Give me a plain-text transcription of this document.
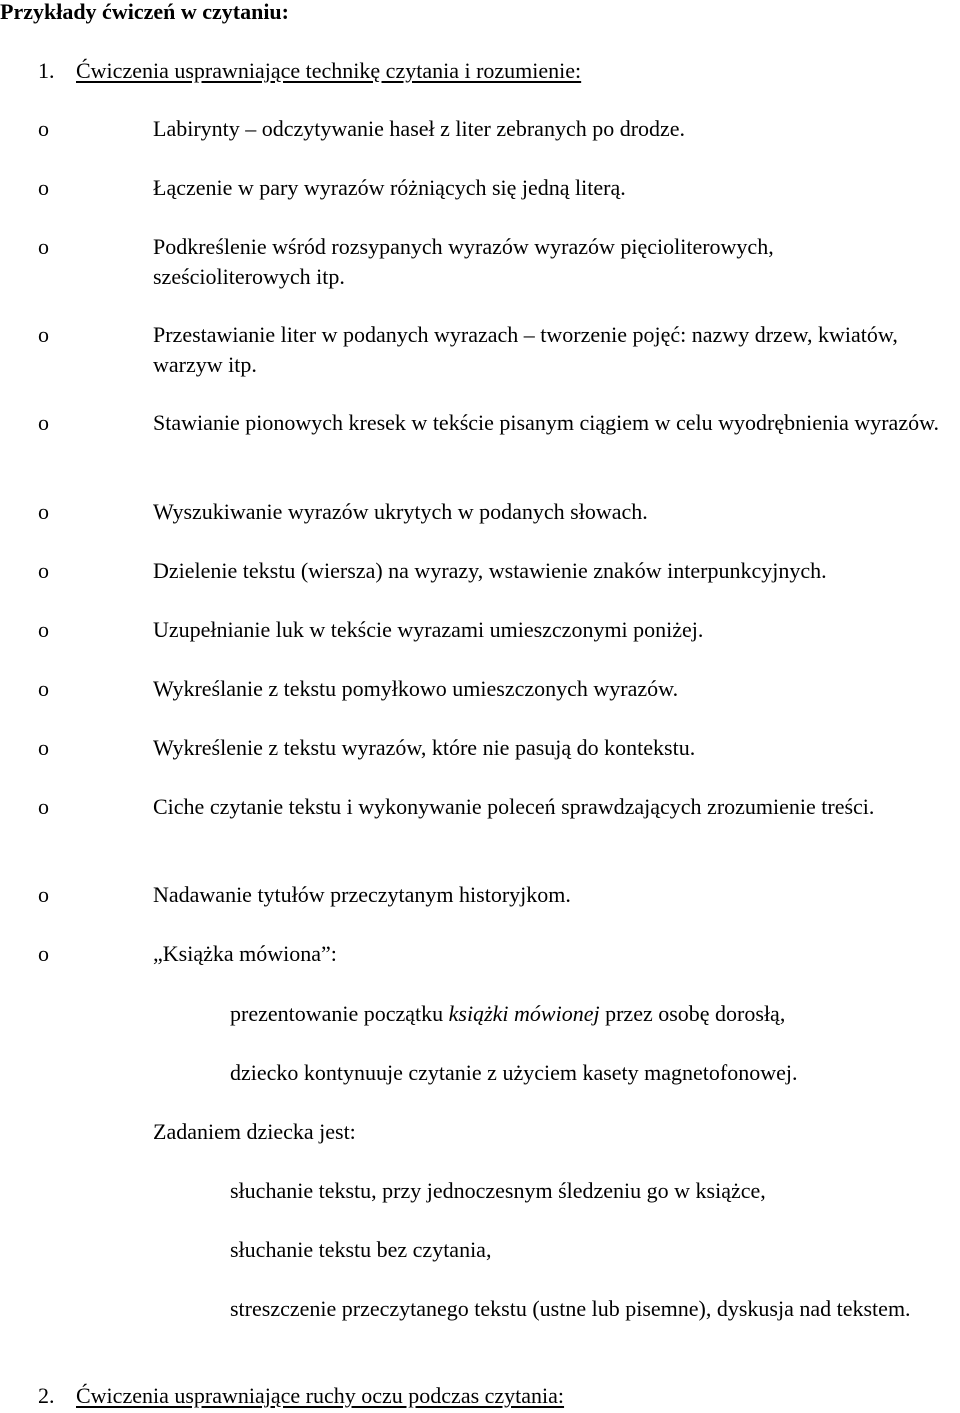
Przykłady ćwiczeń w czytaniu:
1. Ćwiczenia usprawniające technikę czytania i rozumienie:
o	Labirynty – odczytywanie haseł z liter zebranych po drodze.
o	Łączenie w pary wyrazów różniących się jedną literą.
o	Podkreślenie wśród rozsypanych wyrazów wyrazów pięcioliterowych, sześcioliterowych itp.
o	Przestawianie liter w podanych wyrazach – tworzenie pojęć: nazwy drzew, kwiatów, warzyw itp.
o	Stawianie pionowych kresek w tekście pisanym ciągiem w celu wyodrębnienia wyrazów.
o	Wyszukiwanie wyrazów ukrytych w podanych słowach.
o	Dzielenie tekstu (wiersza) na wyrazy, wstawienie znaków interpunkcyjnych.
o	Uzupełnianie luk w tekście wyrazami umieszczonymi poniżej.
o	Wykreślanie z tekstu pomyłkowo umieszczonych wyrazów.
o	Wykreślenie z tekstu wyrazów, które nie pasują do kontekstu.
o	Ciche czytanie tekstu i wykonywanie poleceń sprawdzających zrozumienie treści.
o	Nadawanie tytułów przeczytanym historyjkom.
o	„Książka mówiona”:
prezentowanie początku książki mówionej przez osobę dorosłą,
dziecko kontynuuje czytanie z użyciem kasety magnetofonowej.
Zadaniem dziecka jest:
słuchanie tekstu, przy jednoczesnym śledzeniu go w książce,
słuchanie tekstu bez czytania,
streszczenie przeczytanego tekstu (ustne lub pisemne), dyskusja nad tekstem.
2. Ćwiczenia usprawniające ruchy oczu podczas czytania:
